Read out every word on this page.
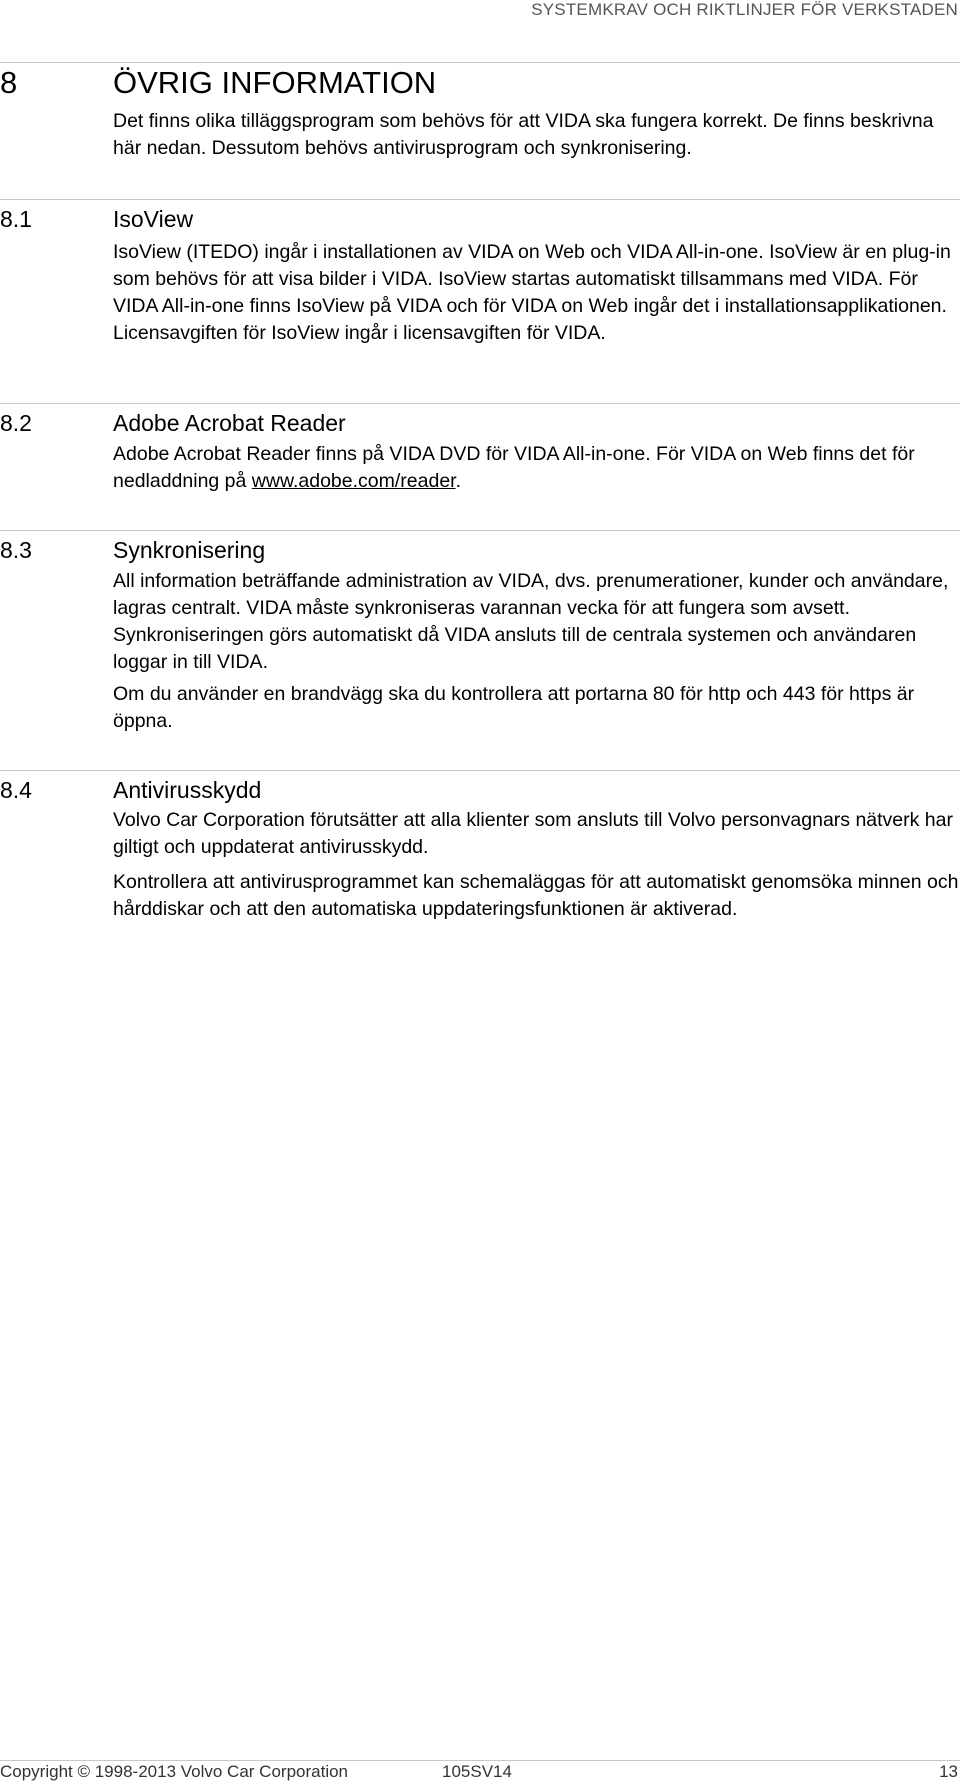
SYSTEMKRAV OCH RIKTLINJER FÖR VERKSTADEN
8	ÖVRIG INFORMATION

Det finns olika tilläggsprogram som behövs för att VIDA ska fungera korrekt. De finns beskrivna här nedan. Dessutom behövs antivirusprogram och synkronisering.

8.1	IsoView

IsoView (ITEDO) ingår i installationen av VIDA on Web och VIDA All-in-one. IsoView är en plug-in som behövs för att visa bilder i VIDA. IsoView startas automatiskt tillsammans med VIDA. För VIDA All-in-one finns IsoView på VIDA och för VIDA on Web ingår det i installationsapplikationen. Licensavgiften för IsoView ingår i licensavgiften för VIDA.

8.2	Adobe Acrobat Reader

Adobe Acrobat Reader finns på VIDA DVD för VIDA All-in-one. För VIDA on Web finns det för nedladdning på www.adobe.com/reader.

8.3	Synkronisering

All information beträffande administration av VIDA, dvs. prenumerationer, kunder och användare, lagras centralt. VIDA måste synkroniseras varannan vecka för att fungera som avsett. Synkroniseringen görs automatiskt då VIDA ansluts till de centrala systemen och användaren loggar in till VIDA.

Om du använder en brandvägg ska du kontrollera att portarna 80 för http och 443 för https är öppna.

8.4	Antivirusskydd

Volvo Car Corporation förutsätter att alla klienter som ansluts till Volvo personvagnars nätverk har giltigt och uppdaterat antivirusskydd.

Kontrollera att antivirusprogrammet kan schemaläggas för att automatiskt genomsöka minnen och hårddiskar och att den automatiska uppdateringsfunktionen är aktiverad.

Copyright © 1998-2013 Volvo Car Corporation	105SV14	13
